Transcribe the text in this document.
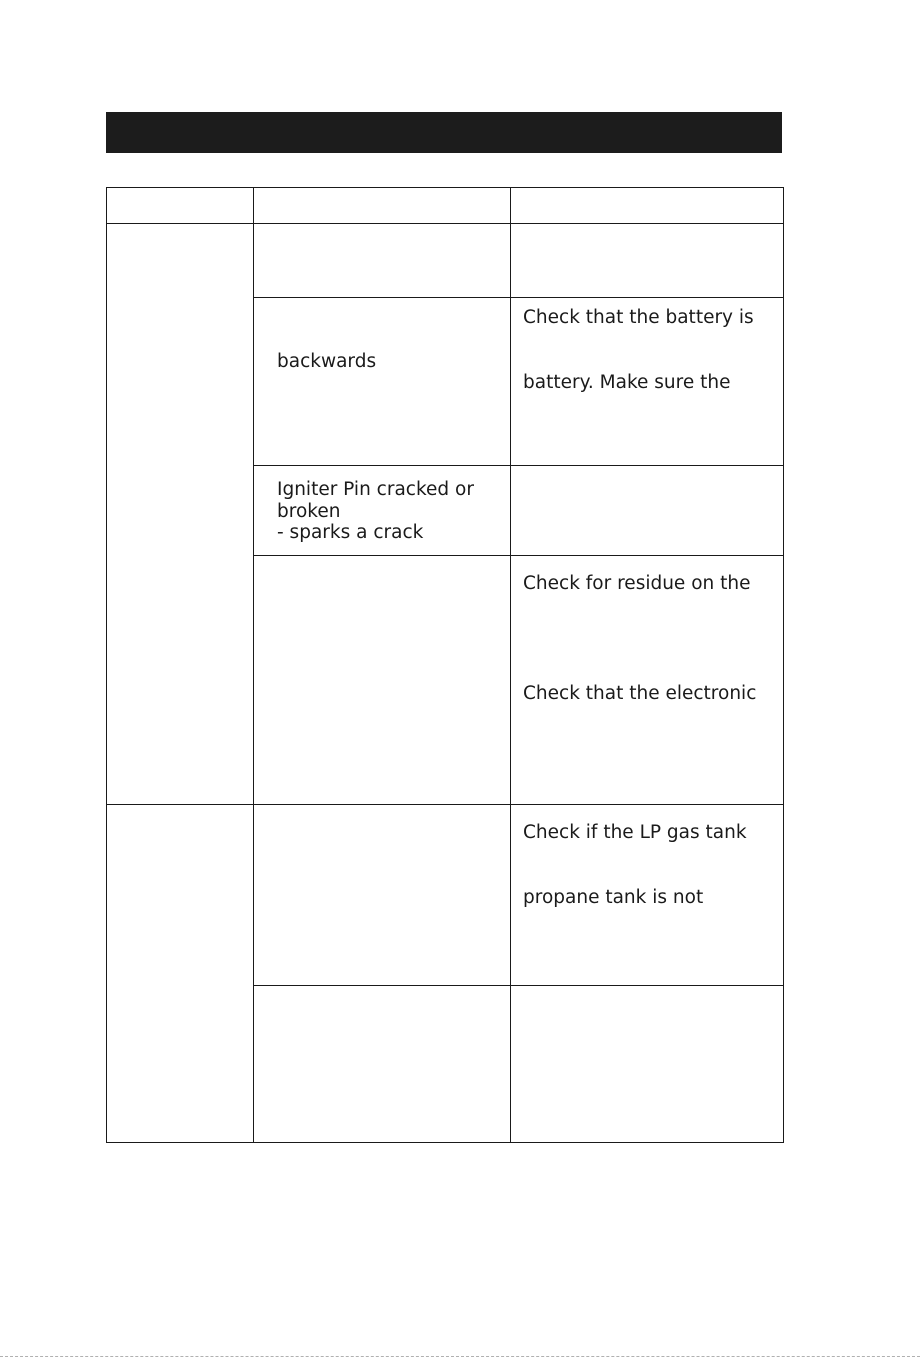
	backwards	Check that the battery is
battery. Make sure the

	Igniter Pin cracked or
broken
- sparks a crack	

		Check for residue on the
Check that the electronic

		Check if the LP gas tank
propane tank is not
